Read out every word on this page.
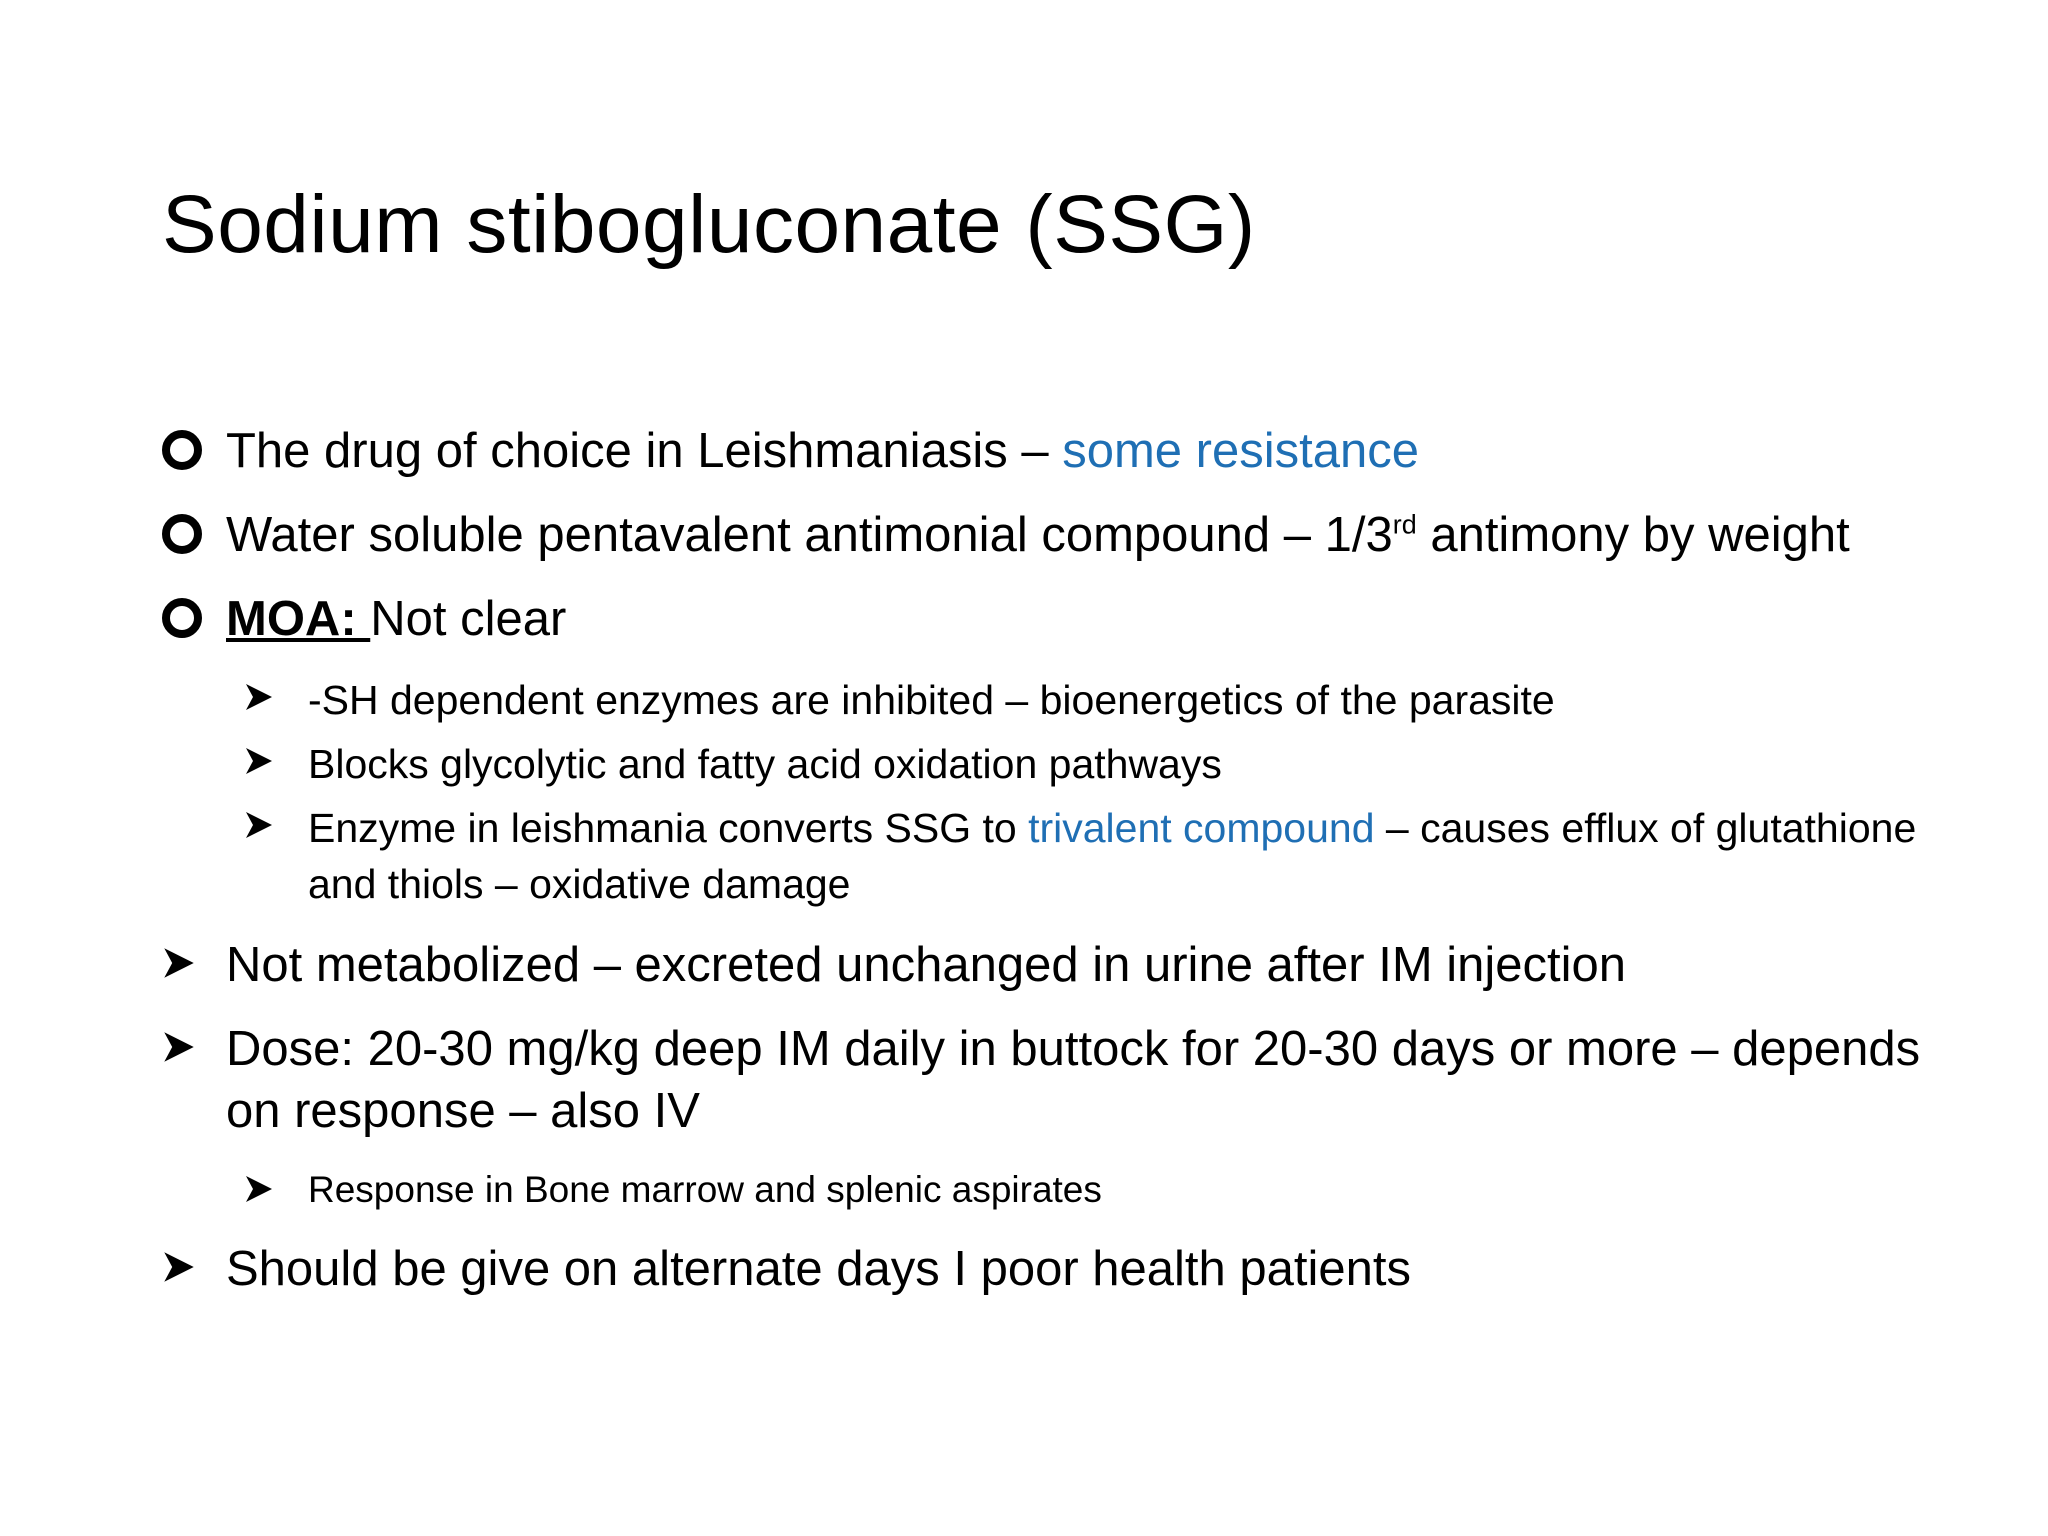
Sodium stibogluconate (SSG)
The drug of choice in Leishmaniasis – some resistance
Water soluble pentavalent antimonial compound – 1/3rd antimony by weight
MOA: Not clear
-SH dependent enzymes are inhibited – bioenergetics of the parasite
Blocks glycolytic and fatty acid oxidation pathways
Enzyme in leishmania converts SSG to trivalent compound – causes efflux of glutathione and thiols – oxidative damage
Not metabolized – excreted unchanged in urine after IM injection
Dose: 20-30 mg/kg deep IM daily in buttock for 20-30 days or more – depends on response – also IV
Response in Bone marrow and splenic aspirates
Should be give on alternate days I poor health patients
